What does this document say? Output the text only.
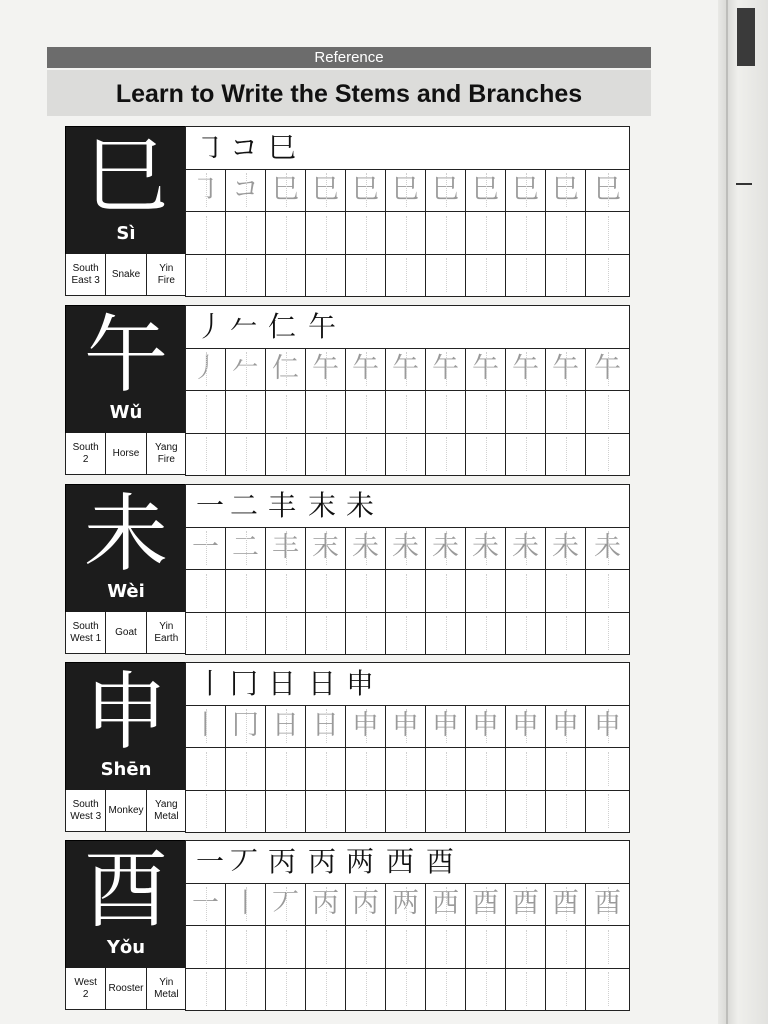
Reference
Learn to Write the Stems and Branches
巳
Sì
South
East 3
Snake
Yin
Fire
㇆ コ 巳
㇆ コ 巳 巳 巳 巳 巳 巳 巳 巳 巳
午
Wǔ
South
2
Horse
Yang
Fire
丿 𠂉 仁 午
丿 𠂉 仁 午 午 午 午 午 午 午 午
未
Wèi
South
West 1
Goat
Yin
Earth
一 二 丰 末 未
一 二 丰 末 未 未 未 未 未 未 未
申
Shēn
South
West 3
Monkey
Yang
Metal
丨 冂 日 日 申
丨 冂 日 日 申 申 申 申 申 申 申
酉
Yǒu
West
2
Rooster
Yin
Metal
一 丆 丙 丙 两 西 酉
一 丨 丆 丙 丙 两 西 酉 酉 酉 酉
